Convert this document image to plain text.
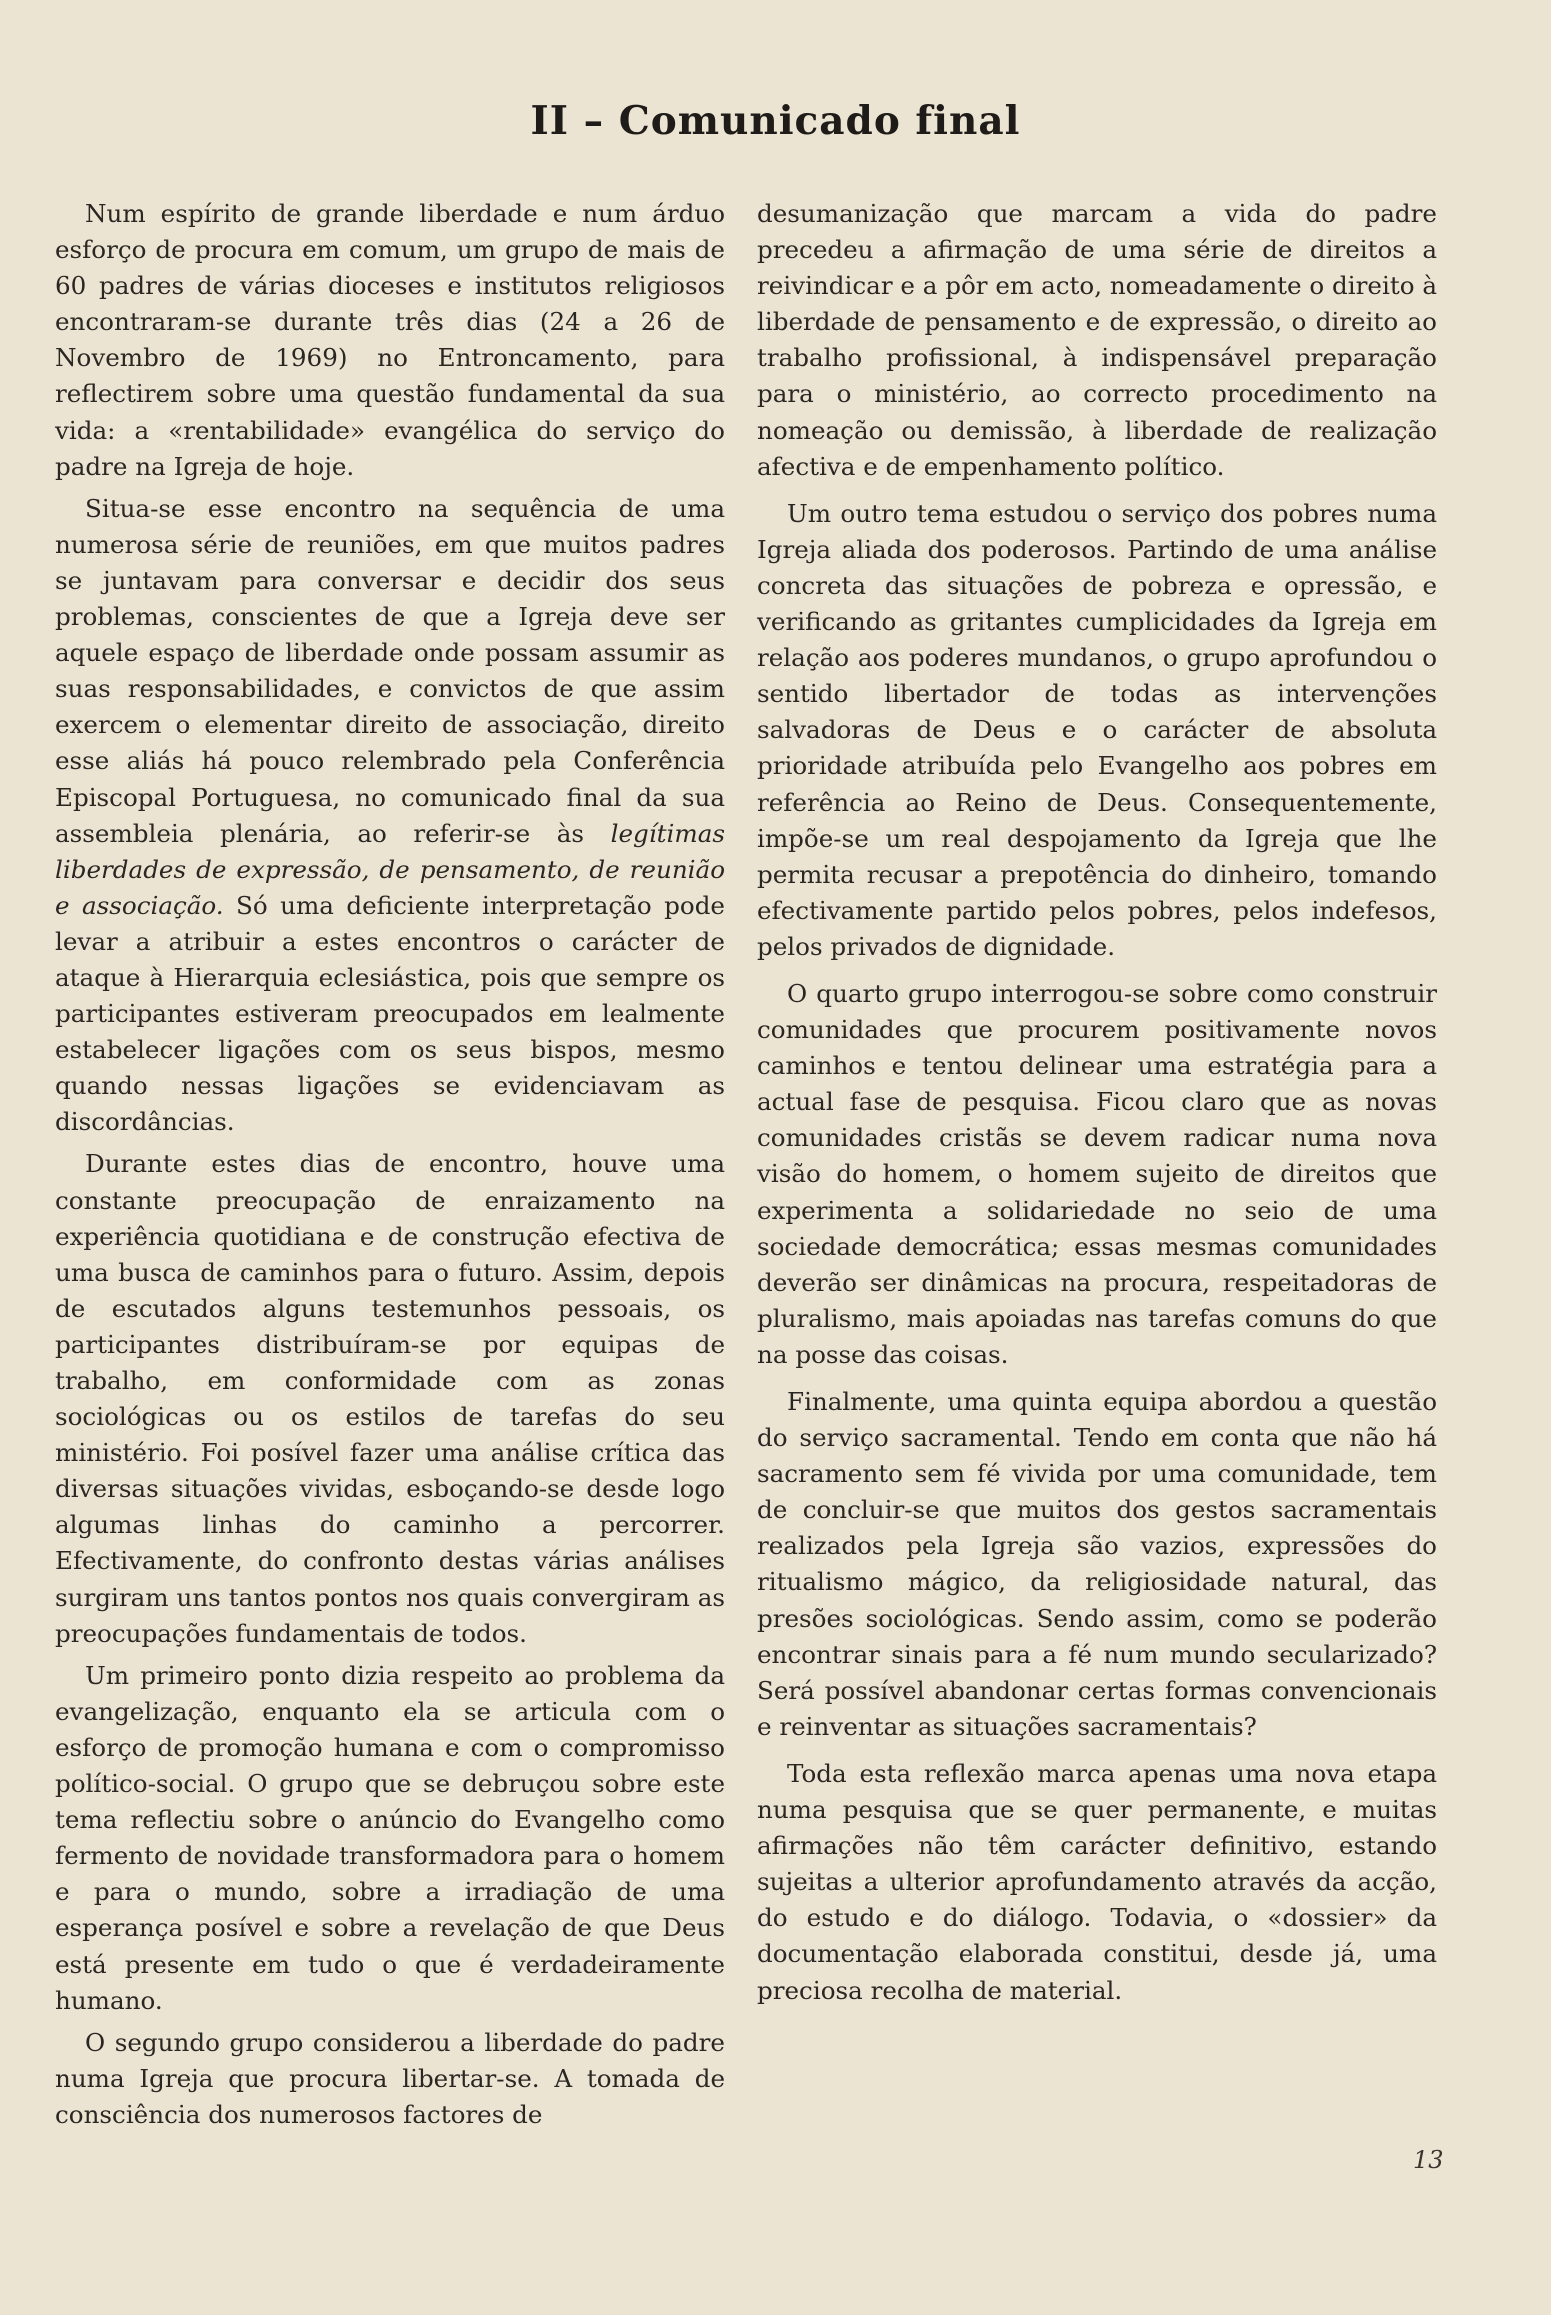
II – Comunicado final

Num espírito de grande liberdade e num árduo esforço de procura em comum, um grupo de mais de 60 padres de várias dioceses e institutos religiosos encontraram-se durante três dias (24 a 26 de Novembro de 1969) no Entroncamento, para reflectirem sobre uma questão fundamental da sua vida: a «rentabilidade» evangélica do serviço do padre na Igreja de hoje.

Situa-se esse encontro na sequência de uma numerosa série de reuniões, em que muitos padres se juntavam para conversar e decidir dos seus problemas, conscientes de que a Igreja deve ser aquele espaço de liberdade onde possam assumir as suas responsabilidades, e convictos de que assim exercem o elementar direito de associação, direito esse aliás há pouco relembrado pela Conferência Episcopal Portuguesa, no comunicado final da sua assembleia plenária, ao referir-se às legítimas liberdades de expressão, de pensamento, de reunião e associação. Só uma deficiente interpretação pode levar a atribuir a estes encontros o carácter de ataque à Hierarquia eclesiástica, pois que sempre os participantes estiveram preocupados em lealmente estabelecer ligações com os seus bispos, mesmo quando nessas ligações se evidenciavam as discordâncias.

Durante estes dias de encontro, houve uma constante preocupação de enraizamento na experiência quotidiana e de construção efectiva de uma busca de caminhos para o futuro. Assim, depois de escutados alguns testemunhos pessoais, os participantes distribuíram-se por equipas de trabalho, em conformidade com as zonas sociológicas ou os estilos de tarefas do seu ministério. Foi posível fazer uma análise crítica das diversas situações vividas, esboçando-se desde logo algumas linhas do caminho a percorrer. Efectivamente, do confronto destas várias análises surgiram uns tantos pontos nos quais convergiram as preocupações fundamentais de todos.

Um primeiro ponto dizia respeito ao problema da evangelização, enquanto ela se articula com o esforço de promoção humana e com o compromisso político-social. O grupo que se debruçou sobre este tema reflectiu sobre o anúncio do Evangelho como fermento de novidade transformadora para o homem e para o mundo, sobre a irradiação de uma esperança posível e sobre a revelação de que Deus está presente em tudo o que é verdadeiramente humano.

O segundo grupo considerou a liberdade do padre numa Igreja que procura libertar-se. A tomada de consciência dos numerosos factores de

desumanização que marcam a vida do padre precedeu a afirmação de uma série de direitos a reivindicar e a pôr em acto, nomeadamente o direito à liberdade de pensamento e de expressão, o direito ao trabalho profissional, à indispensável preparação para o ministério, ao correcto procedimento na nomeação ou demissão, à liberdade de realização afectiva e de empenhamento político.

Um outro tema estudou o serviço dos pobres numa Igreja aliada dos poderosos. Partindo de uma análise concreta das situações de pobreza e opressão, e verificando as gritantes cumplicidades da Igreja em relação aos poderes mundanos, o grupo aprofundou o sentido libertador de todas as intervenções salvadoras de Deus e o carácter de absoluta prioridade atribuída pelo Evangelho aos pobres em referência ao Reino de Deus. Consequentemente, impõe-se um real despojamento da Igreja que lhe permita recusar a prepotência do dinheiro, tomando efectivamente partido pelos pobres, pelos indefesos, pelos privados de dignidade.

O quarto grupo interrogou-se sobre como construir comunidades que procurem positivamente novos caminhos e tentou delinear uma estratégia para a actual fase de pesquisa. Ficou claro que as novas comunidades cristãs se devem radicar numa nova visão do homem, o homem sujeito de direitos que experimenta a solidariedade no seio de uma sociedade democrática; essas mesmas comunidades deverão ser dinâmicas na procura, respeitadoras de pluralismo, mais apoiadas nas tarefas comuns do que na posse das coisas.

Finalmente, uma quinta equipa abordou a questão do serviço sacramental. Tendo em conta que não há sacramento sem fé vivida por uma comunidade, tem de concluir-se que muitos dos gestos sacramentais realizados pela Igreja são vazios, expressões do ritualismo mágico, da religiosidade natural, das presões sociológicas. Sendo assim, como se poderão encontrar sinais para a fé num mundo secularizado? Será possível abandonar certas formas convencionais e reinventar as situações sacramentais?

Toda esta reflexão marca apenas uma nova etapa numa pesquisa que se quer permanente, e muitas afirmações não têm carácter definitivo, estando sujeitas a ulterior aprofundamento através da acção, do estudo e do diálogo. Todavia, o «dossier» da documentação elaborada constitui, desde já, uma preciosa recolha de material.

13
